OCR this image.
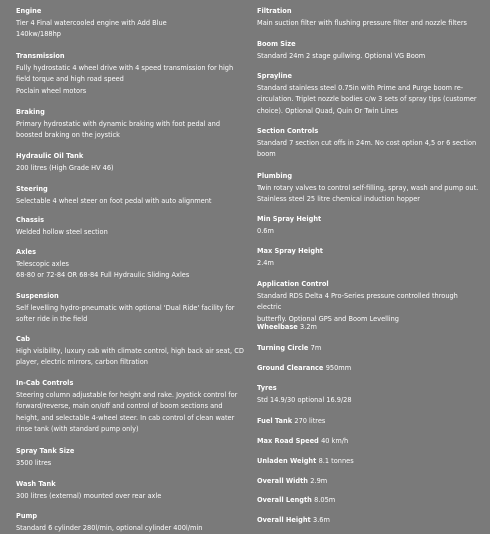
Engine
Tier 4 Final watercooled engine with Add Blue
140kw/188hp
Transmission
Fully hydrostatic 4 wheel drive with 4 speed transmission for high
field torque and high road speed
Poclain wheel motors
Braking
Primary hydrostatic with dynamic braking with foot pedal and
boosted braking on the joystick
Hydraulic Oil Tank
200 litres (High Grade HV 46)
Steering
Selectable 4 wheel steer on foot pedal with auto alignment
Chassis
Welded hollow steel section
Axles
Telescopic axles
68-80 or 72-84 OR 68-84 Full Hydraulic Sliding Axles
Suspension
Self levelling hydro-pneumatic with optional 'Dual Ride' facility for
softer ride in the field
Cab
High visibility, luxury cab with climate control, high back air seat, CD
player, electric mirrors, carbon filtration
In-Cab Controls
Steering column adjustable for height and rake. Joystick control for
forward/reverse, main on/off and control of boom sections and
height, and selectable 4-wheel steer. In cab control of clean water
rinse tank (with standard pump only)
Spray Tank Size
3500 litres
Wash Tank
300 litres (external) mounted over rear axle
Pump
Standard 6 cylinder 280l/min, optional cylinder 400l/min
Filtration
Main suction filter with flushing pressure filter and nozzle filters
Boom Size
Standard 24m 2 stage gullwing. Optional VG Boom
Sprayline
Standard stainless steel 0.75in with Prime and Purge boom re-
circulation. Triplet nozzle bodies c/w 3 sets of spray tips (customer
choice). Optional Quad, Quin Or Twin Lines
Section Controls
Standard 7 section cut offs in 24m. No cost option 4,5 or 6 section
boom
Plumbing
Twin rotary valves to control self-filling, spray, wash and pump out.
Stainless steel 25 litre chemical induction hopper
Min Spray Height
0.6m
Max Spray Height
2.4m
Application Control
Standard RDS Delta 4 Pro-Series pressure controlled through electric
butterfly. Optional GPS and Boom Levelling
Wheelbase 3.2m
Turning Circle 7m
Ground Clearance 950mm
Tyres
Std 14.9/30 optional 16.9/28
Fuel Tank 270 litres
Max Road Speed 40 km/h
Unladen Weight 8.1 tonnes
Overall Width 2.9m
Overall Length 8.05m
Overall Height 3.6m
